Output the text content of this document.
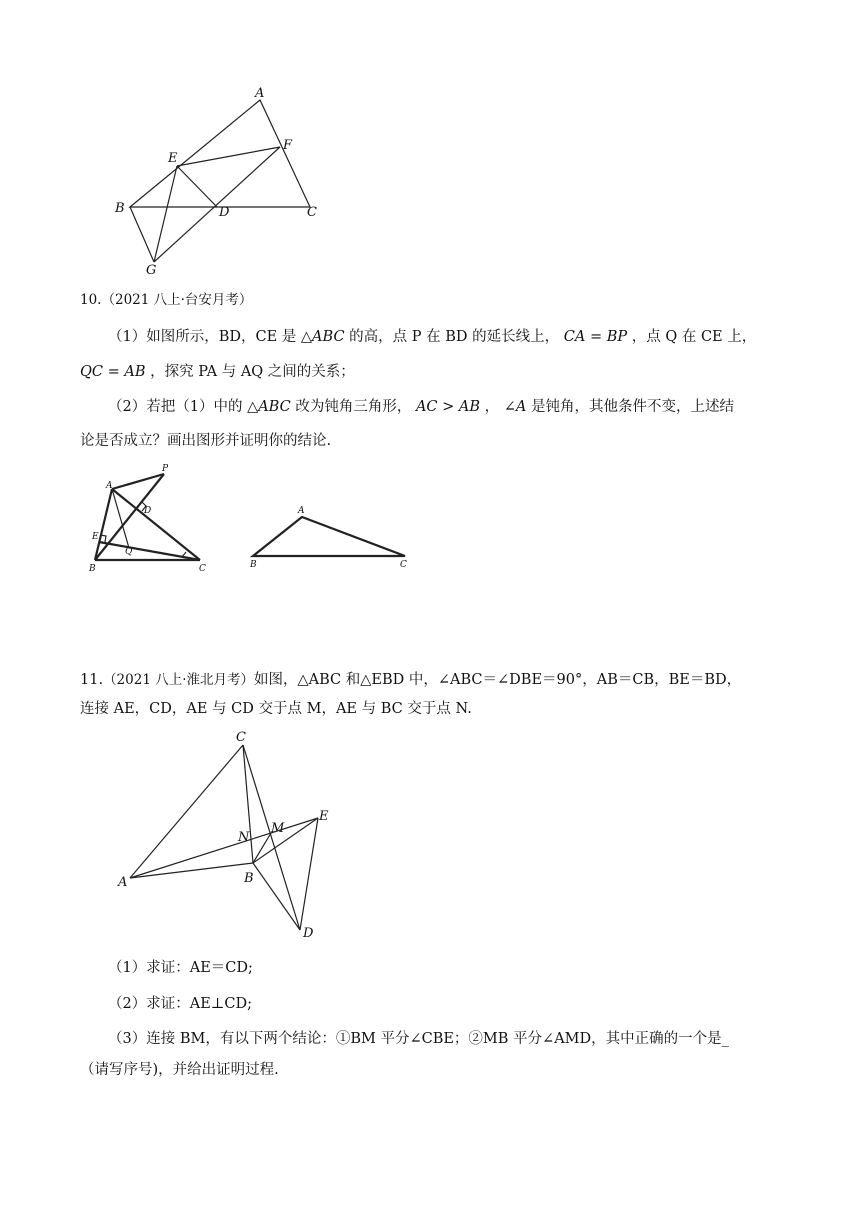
A
E
F
B	D	C
G
10.（2021 八上·台安月考）
（1）如图所示，BD，CE 是 △ABC 的高，点 P 在 BD 的延长线上， CA = BP ，点 Q 在 CE 上，
QC = AB ，探究 PA 与 AQ 之间的关系；
（2）若把（1）中的 △ABC 改为钝角三角形， AC > AB ， ∠A 是钝角，其他条件不变，上述结
论是否成立？画出图形并证明你的结论.
P
A
D
E
Q
B	C
A
B	C
11.（2021 八上·淮北月考）如图，△ABC 和△EBD 中，∠ABC＝∠DBE＝90°，AB＝CB，BE＝BD，
连接 AE，CD，AE 与 CD 交于点 M，AE 与 BC 交于点 N.
C
N
M
E
A	B
D
（1）求证：AE＝CD;
（2）求证：AE⊥CD;
（3）连接 BM，有以下两个结论：①BM 平分∠CBE；②MB 平分∠AMD，其中正确的一个是_
（请写序号)，并给出证明过程.
